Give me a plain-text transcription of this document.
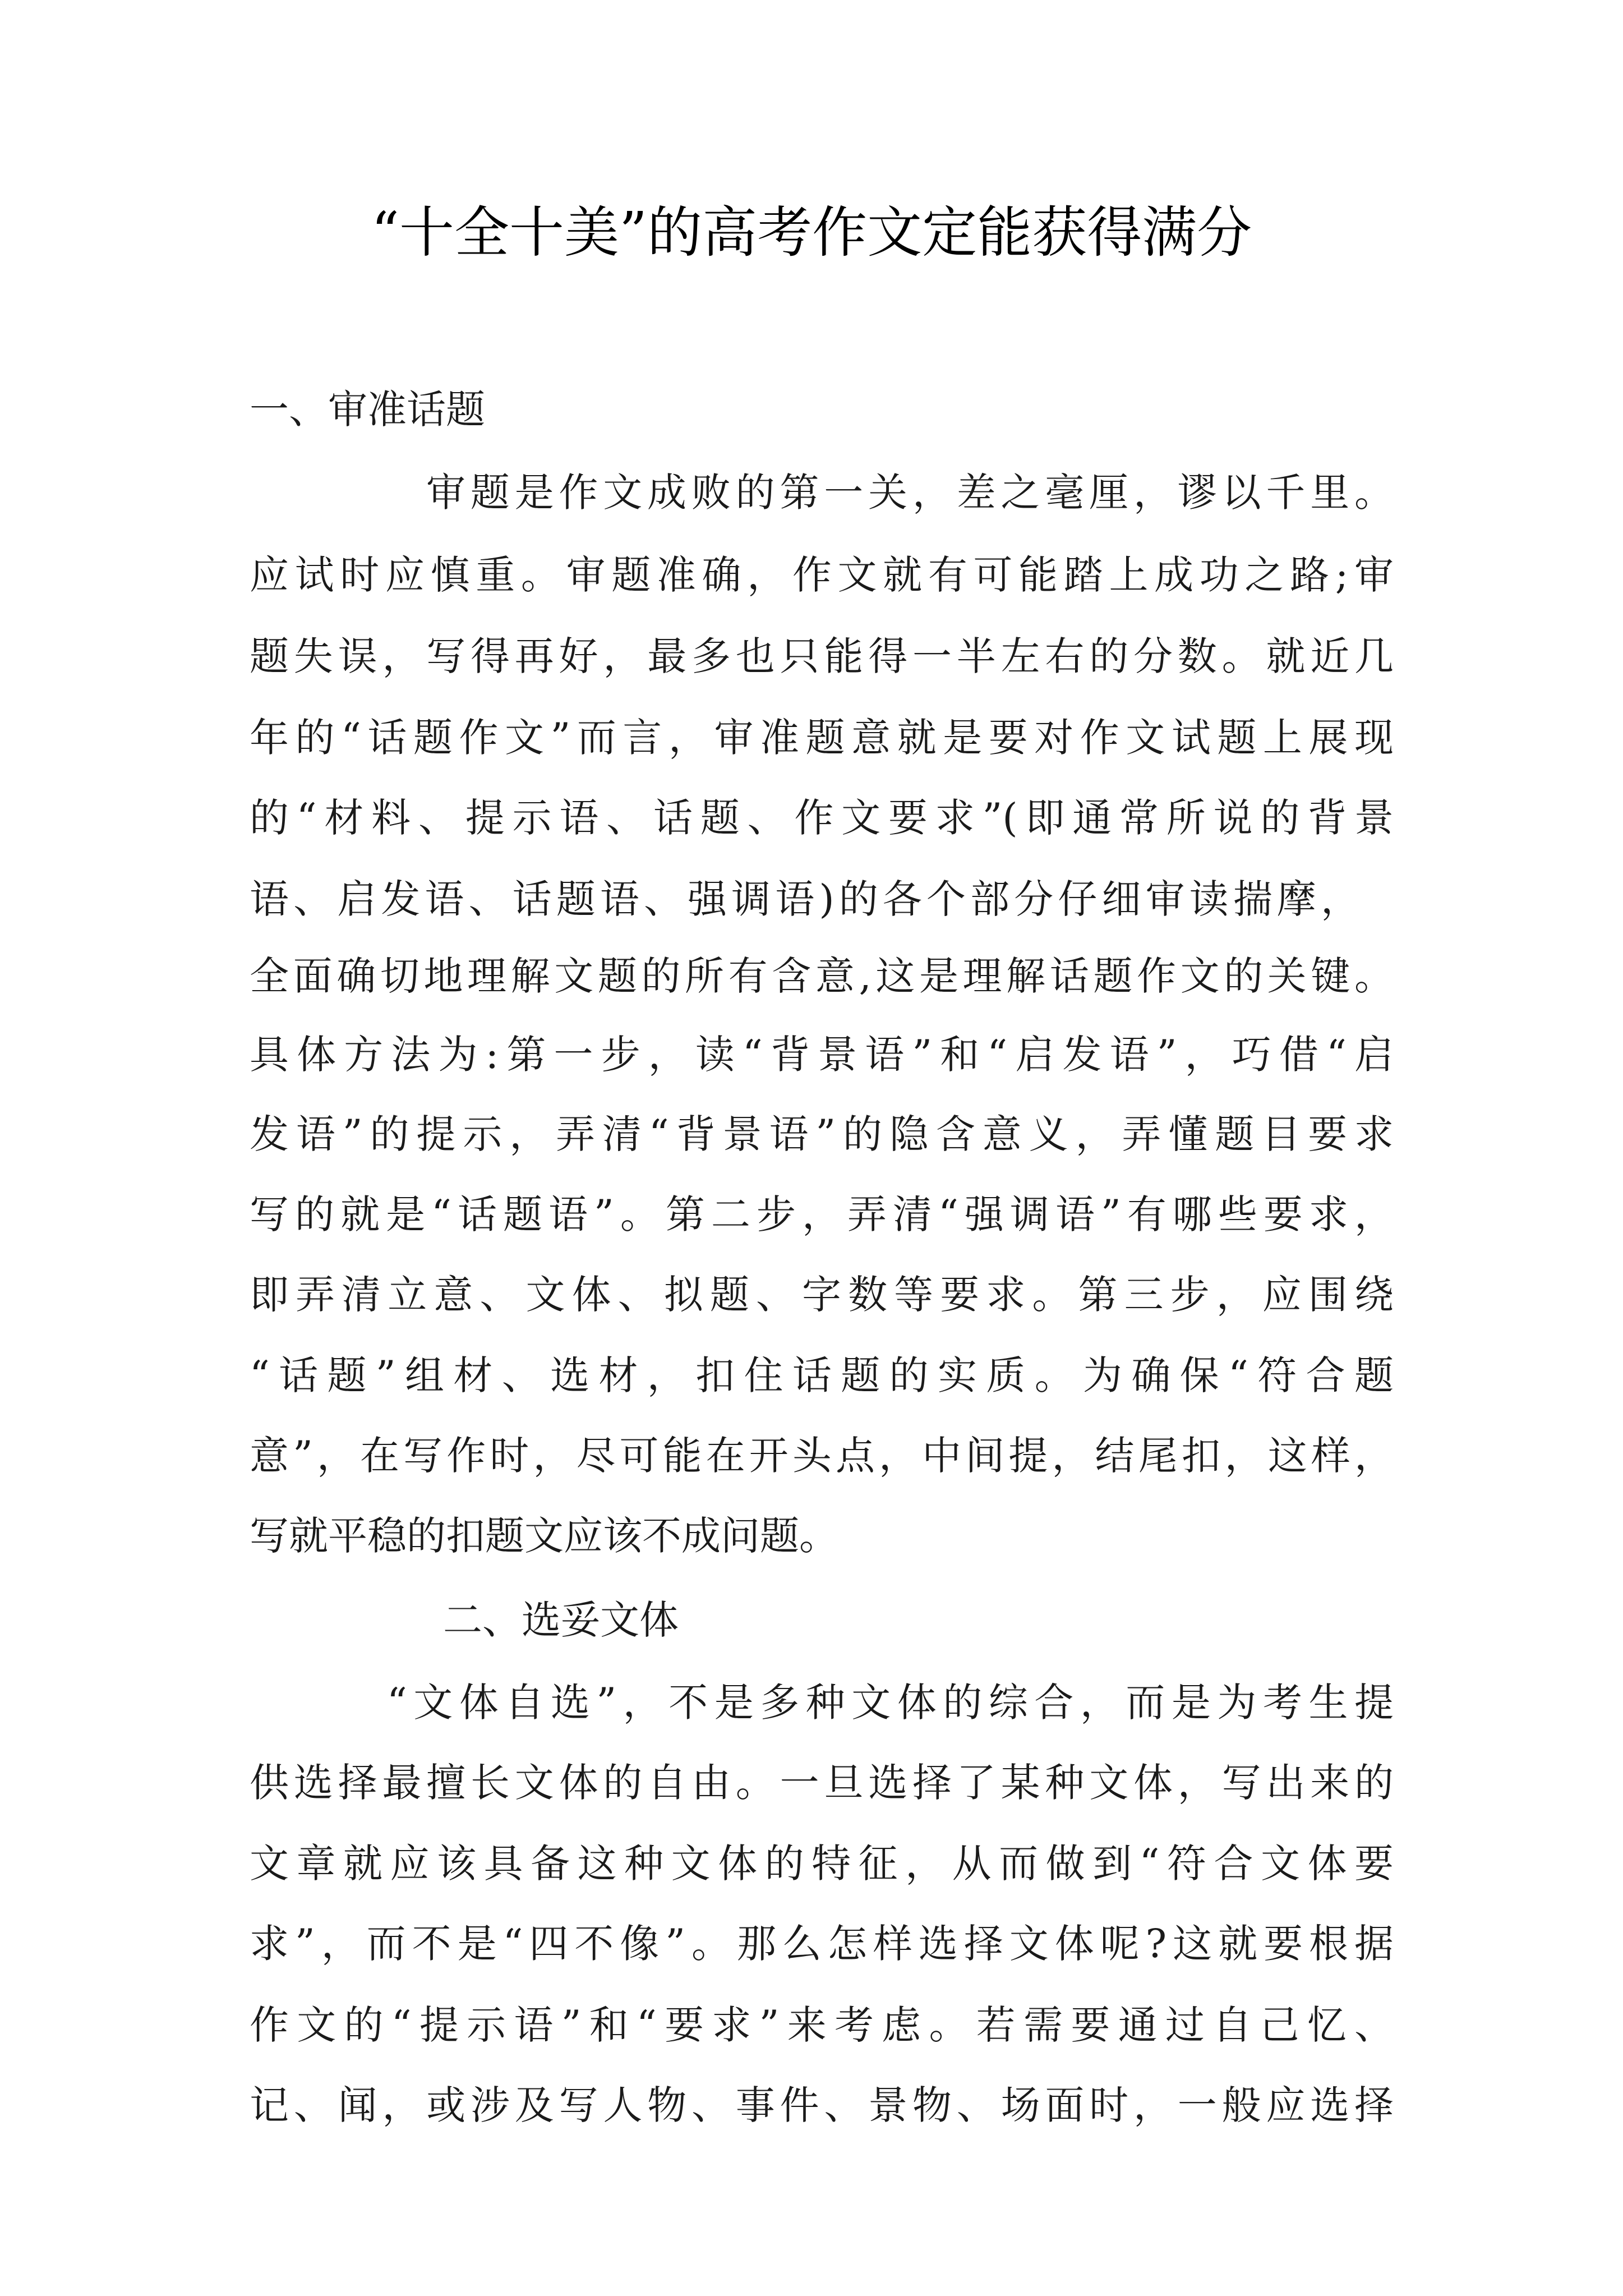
“十全十美”的高考作文定能获得满分
一、审准话题
审题是作文成败的第一关，差之毫厘，谬以千里。
应试时应慎重。审题准确，作文就有可能踏上成功之路;审
题失误，写得再好，最多也只能得一半左右的分数。就近几
年的“话题作文”而言，审准题意就是要对作文试题上展现
的“材料、提示语、话题、作文要求”(即通常所说的背景
语、启发语、话题语、强调语)的各个部分仔细审读揣摩，
全面确切地理解文题的所有含意,这是理解话题作文的关键。
具体方法为:第一步，读“背景语”和“启发语”，巧借“启
发语”的提示，弄清“背景语”的隐含意义，弄懂题目要求
写的就是“话题语”。第二步，弄清“强调语”有哪些要求，
即弄清立意、文体、拟题、字数等要求。第三步，应围绕
“话题”组材、选材，扣住话题的实质。为确保“符合题
意”，在写作时，尽可能在开头点，中间提，结尾扣，这样，
写就平稳的扣题文应该不成问题。
二、选妥文体
“文体自选”，不是多种文体的综合，而是为考生提
供选择最擅长文体的自由。一旦选择了某种文体，写出来的
文章就应该具备这种文体的特征，从而做到“符合文体要
求”，而不是“四不像”。那么怎样选择文体呢?这就要根据
作文的“提示语”和“要求”来考虑。若需要通过自己忆、
记、闻，或涉及写人物、事件、景物、场面时，一般应选择
